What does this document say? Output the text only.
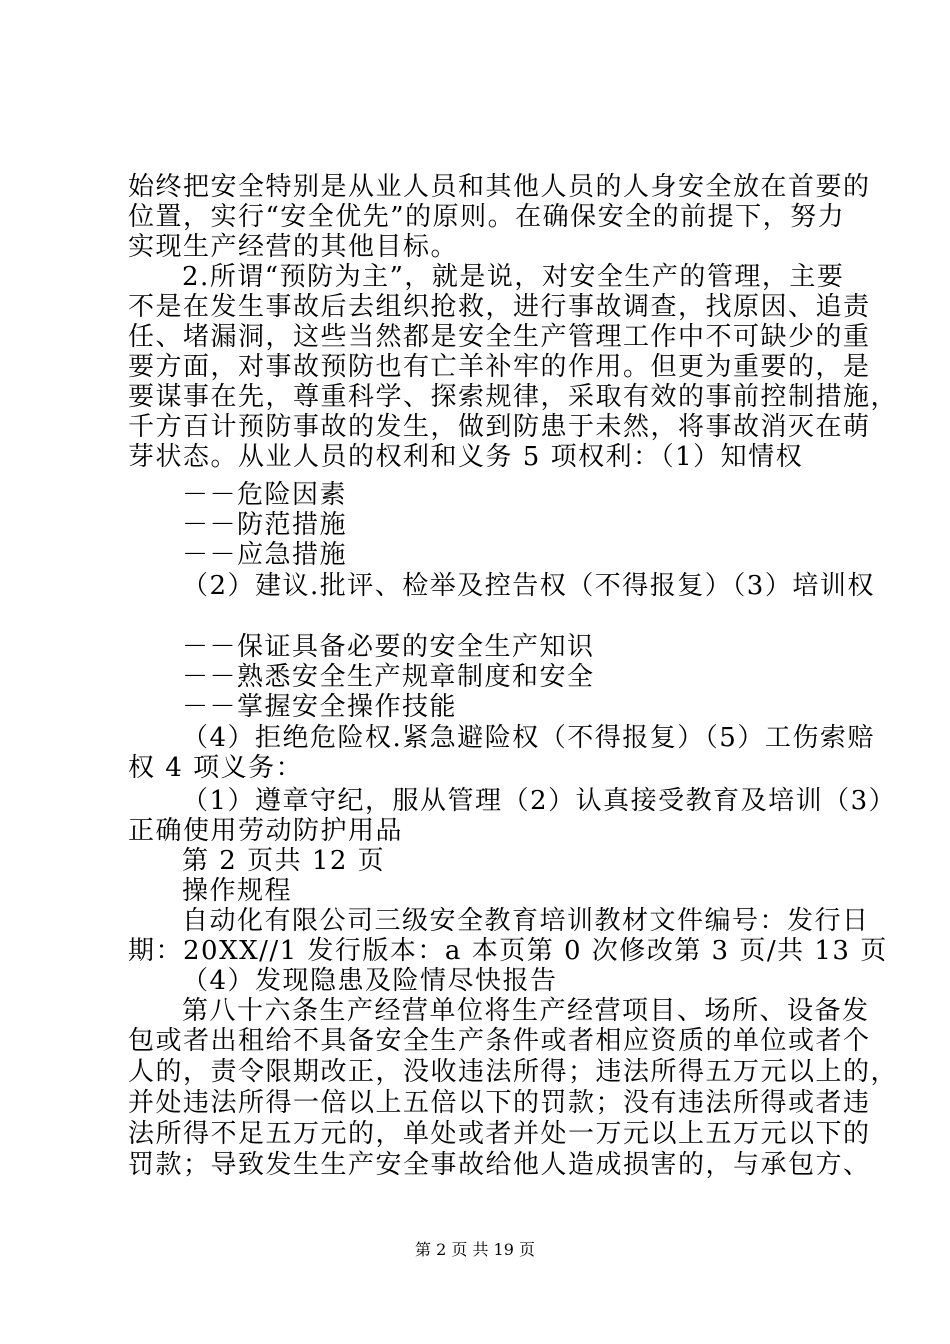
始终把安全特别是从业人员和其他人员的人身安全放在首要的
位置，实行“安全优先”的原则。在确保安全的前提下，努力
实现生产经营的其他目标。
2.所谓“预防为主”，就是说，对安全生产的管理，主要
不是在发生事故后去组织抢救，进行事故调查，找原因、追责
任、堵漏洞，这些当然都是安全生产管理工作中不可缺少的重
要方面，对事故预防也有亡羊补牢的作用。但更为重要的，是
要谋事在先，尊重科学、探索规律，采取有效的事前控制措施，
千方百计预防事故的发生，做到防患于未然，将事故消灭在萌
芽状态。从业人员的权利和义务 5 项权利：（1）知情权
－－危险因素
－－防范措施
－－应急措施
（2）建议.批评、检举及控告权（不得报复）（3）培训权
－－保证具备必要的安全生产知识
－－熟悉安全生产规章制度和安全
－－掌握安全操作技能
（4）拒绝危险权.紧急避险权（不得报复）（5）工伤索赔
权 4 项义务：
（1）遵章守纪，服从管理（2）认真接受教育及培训（3）
正确使用劳动防护用品
第 2 页共 12 页
操作规程
自动化有限公司三级安全教育培训教材文件编号：发行日
期：20XX//1 发行版本：a 本页第 0 次修改第 3 页/共 13 页
（4）发现隐患及险情尽快报告
第八十六条生产经营单位将生产经营项目、场所、设备发
包或者出租给不具备安全生产条件或者相应资质的单位或者个
人的，责令限期改正，没收违法所得；违法所得五万元以上的，
并处违法所得一倍以上五倍以下的罚款；没有违法所得或者违
法所得不足五万元的，单处或者并处一万元以上五万元以下的
罚款；导致发生生产安全事故给他人造成损害的，与承包方、
第 2 页 共 19 页
